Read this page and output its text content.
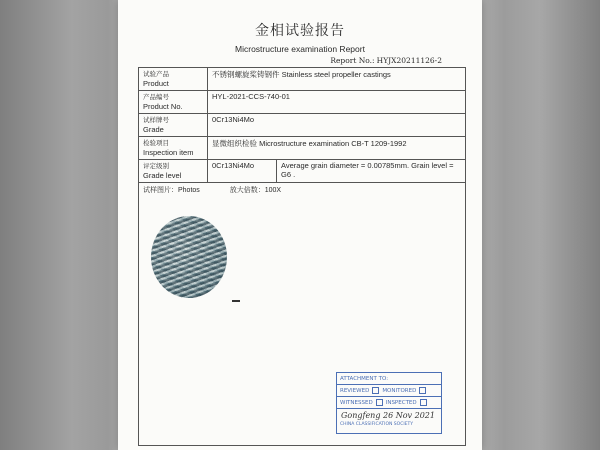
金相试验报告
Microstructure examination Report
Report No.: HYJX20211126-2
试验产品
Product	不锈钢螺旋桨铸钢件 Stainless steel propeller castings	

产品编号
Product No.	HYL-2021-CCS-740-01	

试样牌号
Grade	0Cr13Ni4Mo	

检验项目
Inspection item	显微组织检验 Microstructure examination CB-T 1209-1992	

评定级别
Grade level	0Cr13Ni4Mo	Average grain diameter = 0.00785mm. Grain level = G6 .

试样图片：Photos 放大倍数：100X		
ATTACHMENT TO:
REVIEWED MONITORED
WITNESSED INSPECTED
Gongfeng 26 Nov 2021
CHINA CLASSIFICATION SOCIETY
